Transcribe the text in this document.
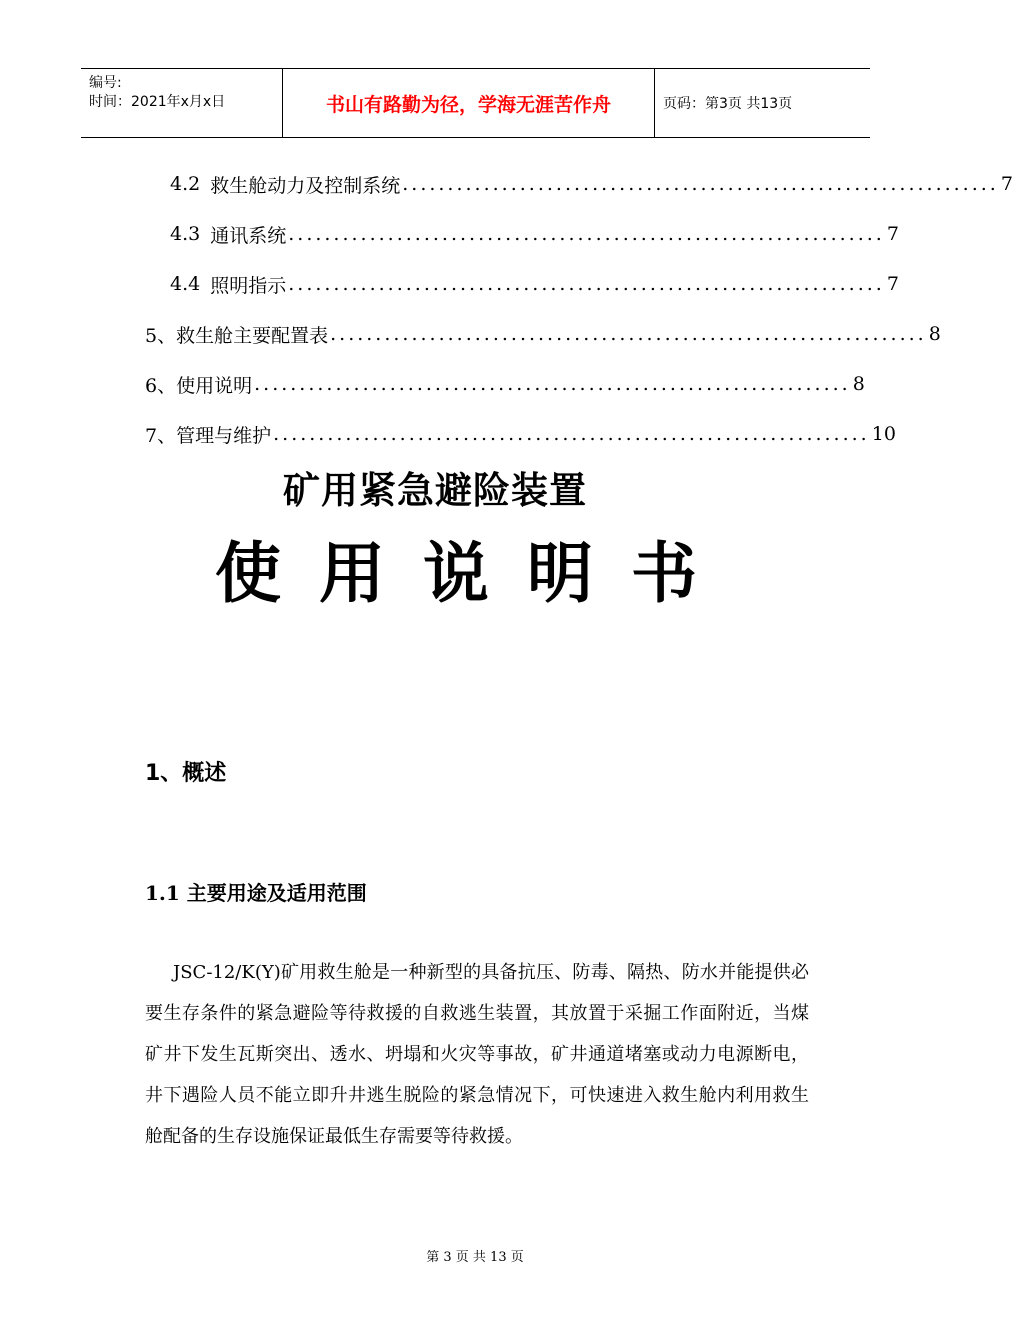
编号:
时间：2021年x月x日	书山有路勤为径，学海无涯苦作舟	页码：第3页 共13页
4.2 救生舱动力及控制系统 .................................................................. 7
4.3 通讯系统 .................................................................. 7
4.4 照明指示 .................................................................. 7
5、 救生舱主要配置表 .................................................................. 8
6、 使用说明 .................................................................. 8
7、 管理与维护 .................................................................. 10
矿用紧急避险装置
使用说明书
1、概述
1.1 主要用途及适用范围
JSC-12/K(Y)矿用救生舱是一种新型的具备抗压、防毒、隔热、防水并能提供必要生存条件的紧急避险等待救援的自救逃生装置，其放置于采掘工作面附近，当煤矿井下发生瓦斯突出、透水、坍塌和火灾等事故，矿井通道堵塞或动力电源断电，井下遇险人员不能立即升井逃生脱险的紧急情况下，可快速进入救生舱内利用救生舱配备的生存设施保证最低生存需要等待救援。
第 3 页 共 13 页
